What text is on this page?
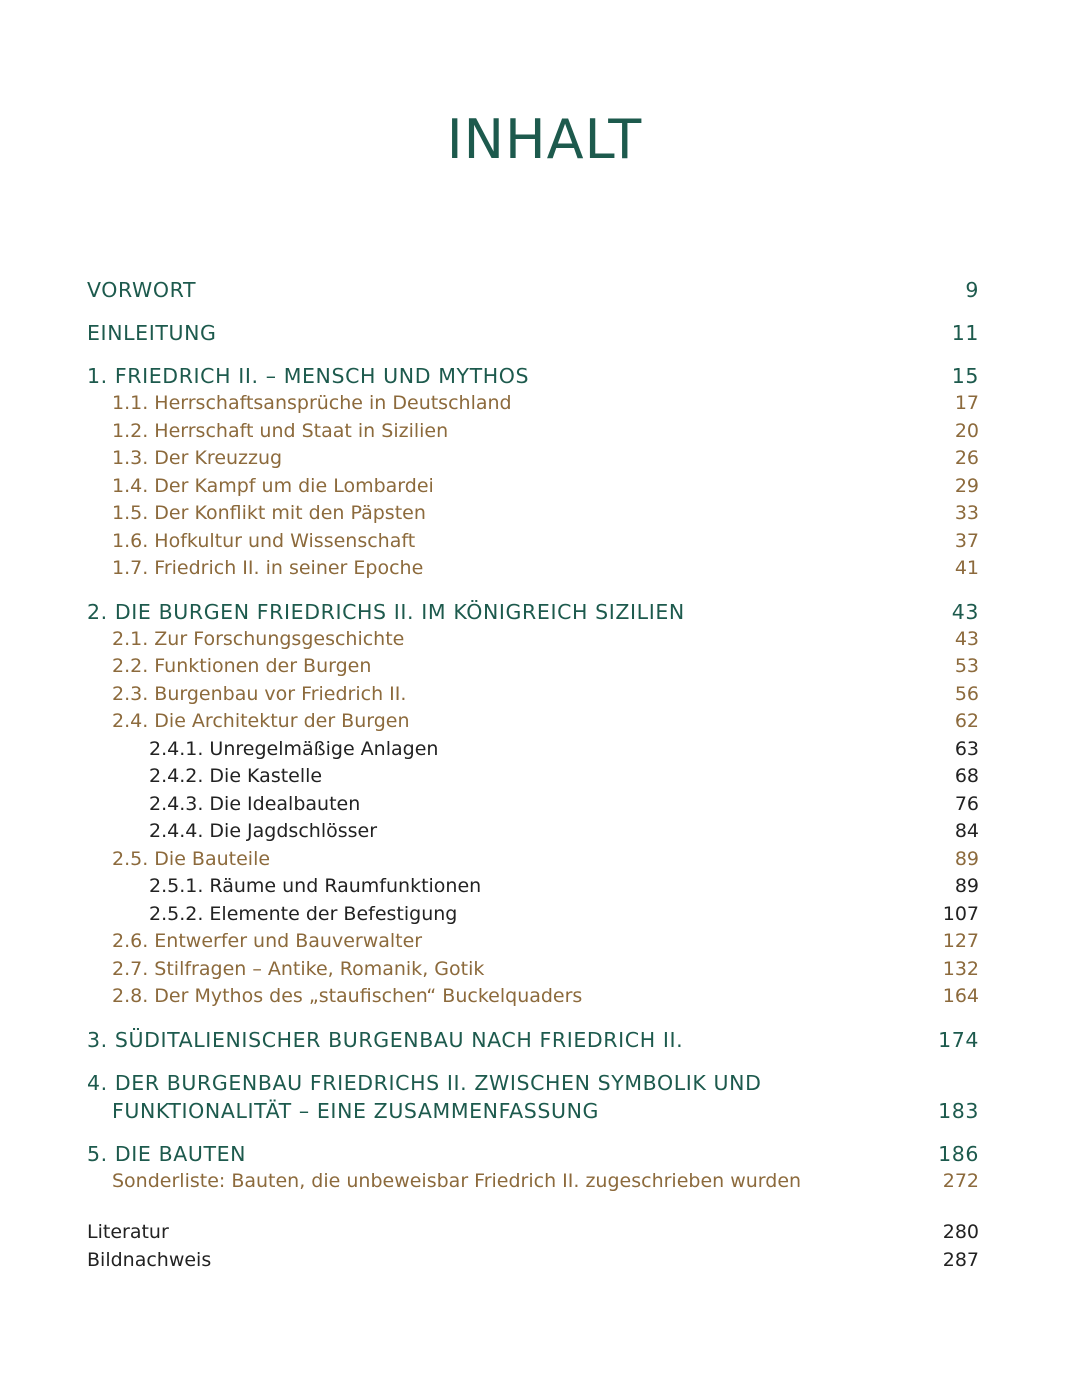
INHALT
VORWORT	9
EINLEITUNG	11
1. FRIEDRICH II. – MENSCH UND MYTHOS	15
1.1. Herrschaftsansprüche in Deutschland	17
1.2. Herrschaft und Staat in Sizilien	20
1.3. Der Kreuzzug	26
1.4. Der Kampf um die Lombardei	29
1.5. Der Konflikt mit den Päpsten	33
1.6. Hofkultur und Wissenschaft	37
1.7. Friedrich II. in seiner Epoche	41
2. DIE BURGEN FRIEDRICHS II. IM KÖNIGREICH SIZILIEN	43
2.1. Zur Forschungsgeschichte	43
2.2. Funktionen der Burgen	53
2.3. Burgenbau vor Friedrich II.	56
2.4. Die Architektur der Burgen	62
2.4.1. Unregelmäßige Anlagen	63
2.4.2. Die Kastelle	68
2.4.3. Die Idealbauten	76
2.4.4. Die Jagdschlösser	84
2.5. Die Bauteile	89
2.5.1. Räume und Raumfunktionen	89
2.5.2. Elemente der Befestigung	107
2.6. Entwerfer und Bauverwalter	127
2.7. Stilfragen – Antike, Romanik, Gotik	132
2.8. Der Mythos des „staufischen“ Buckelquaders	164
3. SÜDITALIENISCHER BURGENBAU NACH FRIEDRICH II.	174
4. DER BURGENBAU FRIEDRICHS II. ZWISCHEN SYMBOLIK UND
FUNKTIONALITÄT – EINE ZUSAMMENFASSUNG	183
5. DIE BAUTEN	186
Sonderliste: Bauten, die unbeweisbar Friedrich II. zugeschrieben wurden	272
Literatur	280
Bildnachweis	287
